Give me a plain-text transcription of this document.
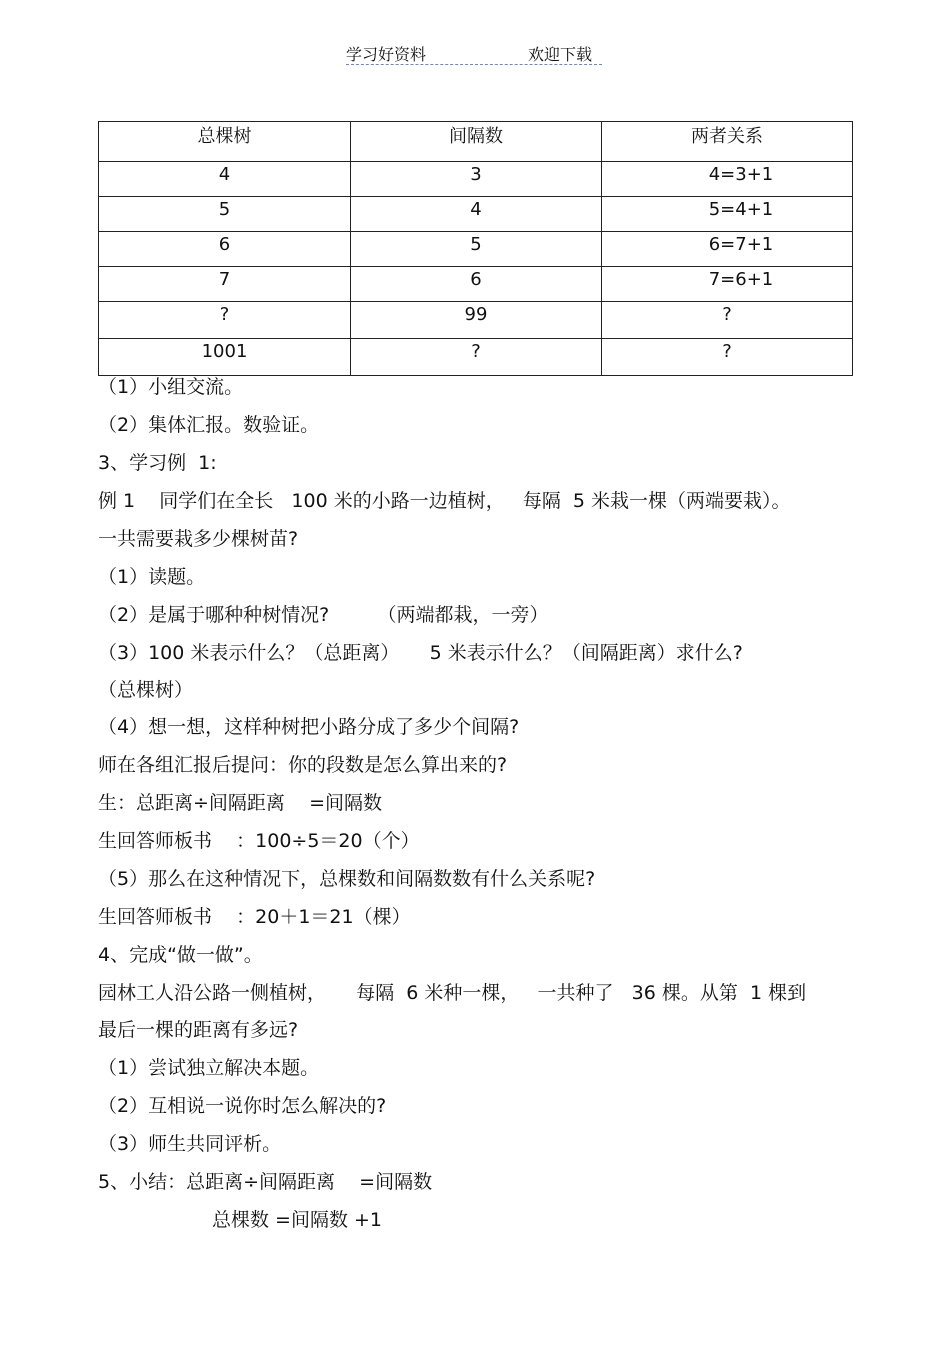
学习好资料	欢迎下载
总棵树	间隔数	两者关系
4	3	4=3+1
5	4	5=4+1
6	5	6=7+1
7	6	7=6+1
?	99	?
1001	?	?
（1）小组交流。
（2）集体汇报。数验证。
3、学习例  1:
例 1    同学们在全长   100 米的小路一边植树，   每隔  5 米栽一棵（两端要栽）。
一共需要栽多少棵树苗?
（1）读题。
（2）是属于哪种种树情况?        （两端都栽，一旁）
（3）100 米表示什么？（总距离）     5 米表示什么？（间隔距离）求什么?
（总棵树）
（4）想一想，这样种树把小路分成了多少个间隔?
师在各组汇报后提问：你的段数是怎么算出来的?
生：总距离÷间隔距离    =间隔数
生回答师板书    ：100÷5＝20（个）
（5）那么在这种情况下，总棵数和间隔数数有什么关系呢?
生回答师板书    ：20＋1＝21（棵）
4、完成“做一做”。
园林工人沿公路一侧植树，     每隔  6 米种一棵，   一共种了   36 棵。从第  1 棵到
最后一棵的距离有多远?
（1）尝试独立解决本题。
（2）互相说一说你时怎么解决的?
（3）师生共同评析。
5、小结：总距离÷间隔距离    =间隔数
总棵数 =间隔数 +1
